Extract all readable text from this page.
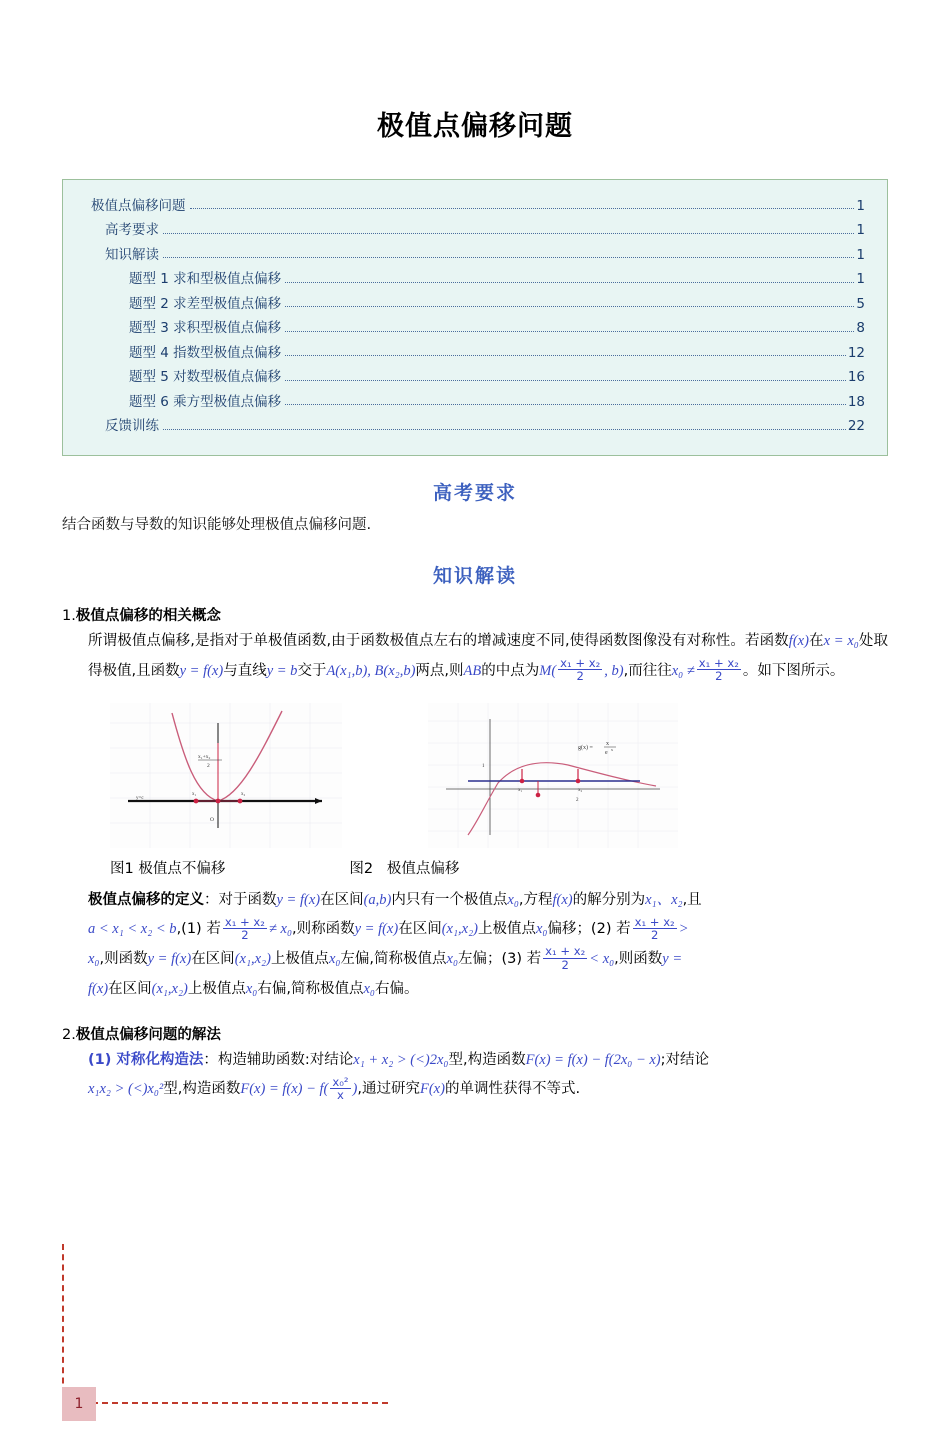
极值点偏移问题
极值点偏移问题	1
高考要求	1
知识解读	1
题型 1 求和型极值点偏移	1
题型 2 求差型极值点偏移	5
题型 3 求积型极值点偏移	8
题型 4 指数型极值点偏移	12
题型 5 对数型极值点偏移	16
题型 6 乘方型极值点偏移	18
反馈训练	22
高考要求
结合函数与导数的知识能够处理极值点偏移问题.
知识解读
1.极值点偏移的相关概念
所谓极值点偏移,是指对于单极值函数,由于函数极值点左右的增减速度不同,使得函数图像没有对称性。若函数f(x)在x = x₀处取得极值,且函数y = f(x)与直线y = b交于A(x₁,b), B(x₂,b)两点,则AB的中点为$M( \frac{\text{x₁ + x₂}}{2}$ , b),而往往$x_0 \ne \frac{\text{x₁ + x₂}}{2}$ 。如下图所示。
x₁+x₂
2
x₁	x₂
y=c
O
g(x) =
x
e
x
1
x₁	x₂
2
图1 极值点不偏移	图2 极值点偏移
极值点偏移的定义：对于函数y = f(x)在区间(a,b)内只有一个极值点x₀,方程f(x)的解分别为x₁、x₂,且
a < x₁ < x₂ < b,(1) 若 $\frac{\text{x₁ + x₂}}{2} \ne x_0$,则称函数y = f(x)在区间(x₁,x₂)上极值点x₀偏移；(2) 若 $\frac{\text{x₁ + x₂}}{2}$ >
x₀,则函数y = f(x)在区间(x₁,x₂)上极值点x₀左偏,简称极值点x₀左偏；(3) 若 $\frac{\text{x₁ + x₂}}{2} < x_0$,则函数y =
f(x)在区间(x₁,x₂)上极值点x₀右偏,简称极值点x₀右偏。
2.极值点偏移问题的解法
(1) 对称化构造法：构造辅助函数:对结论x₁ + x₂ > (<)2x₀型,构造函数F(x) = f(x) − f(2x₀ − x);对结论
x₁x₂ > (<)x₀²型,构造函数$F(x) = f(x) - f( \frac{\text{x₀²}}{x}$ ),通过研究F(x)的单调性获得不等式.
1
